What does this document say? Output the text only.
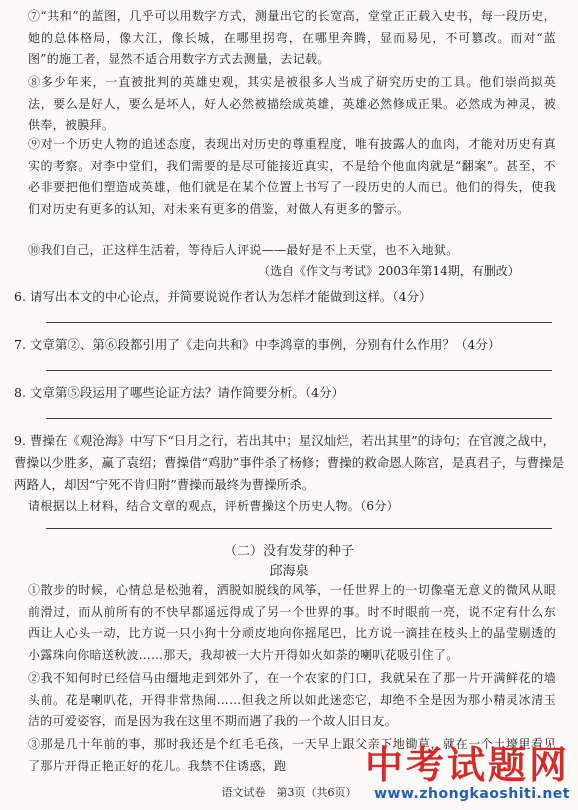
⑦“共和”的蓝图，几乎可以用数字方式，测量出它的长宽高，堂堂正正载入史书，每一段历史，她的总体格局，像大江，像长城，在哪里拐弯，在哪里奔腾，显而易见，不可篡改。而对“蓝图”的施工者，显然不适合用数字方式去测量，去记载。

⑧多少年来，一直被批判的英雄史观，其实是被很多人当成了研究历史的工具。他们崇尚拟英法，要么是好人，要么是坏人，好人必然被描绘成英雄，英雄必然修成正果。必然成为神灵，被供奉，被膜拜。

⑨对一个历史人物的追述态度，表现出对历史的尊重程度，唯有披露人的血肉，才能对历史有真实的考察。对李中堂们，我们需要的是尽可能接近真实，不是给个他血肉就是“翻案”。甚至，不必非要把他们塑造成英雄，他们就是在某个位置上书写了一段历史的人而已。他们的得失，使我们对历史有更多的认知，对未来有更多的借鉴，对做人有更多的警示。

⑩我们自己，正这样生活着，等待后人评说——最好是不上天堂，也不入地狱。

（选自《作文与考试》2003年第14期，有删改）

6. 请写出本文的中心论点，并简要说说作者认为怎样才能做到这样。（4分）

7. 文章第②、第⑥段都引用了《走向共和》中李鸿章的事例，分别有什么作用？（4分）

8. 文章第⑤段运用了哪些论证方法？请作简要分析。（4分）

9. 曹操在《观沧海》中写下“日月之行，若出其中；星汉灿烂，若出其里”的诗句；在官渡之战中，曹操以少胜多，赢了袁绍；曹操借“鸡肋”事件杀了杨修；曹操的救命恩人陈宫，是真君子，与曹操是两路人，却因“宁死不肯归附”曹操而最终为曹操所杀。

请根据以上材料，结合文章的观点，评析曹操这个历史人物。（6分）

（二）没有发芽的种子
邱海泉

①散步的时候，心情总是松弛着，洒脱如脱线的风筝，一任世界上的一切像毫无意义的微风从眼前滑过，而从前所有的不快早都遥远得成了另一个世界的事。时不时眼前一亮，说不定有什么东西让人心头一动，比方说一只小狗十分顽皮地向你摇尾巴，比方说一滴挂在枝头上的晶莹剔透的小露珠向你暗送秋波……那天，我却被一大片开得如火如荼的喇叭花吸引住了。

②我不知何时已经信马由缰地走到郊外了，在一个农家的门口，我就呆在了那一片开满鲜花的墙头前。花是喇叭花，开得非常热闹……但我之所以如此迷恋它，却绝不全是因为那小精灵冰清玉洁的可爱姿容，而是因为我在这里不期而遇了我的一个故人旧日友。

③那是几十年前的事，那时我还是个红毛毛孩，一天早上跟父亲下地锄草，就在一个土壕里看见了那片开得正艳正好的花儿。我禁不住诱惑，跑

语文试卷　第3页（共6页）
中考试题网
www.zhongkaoshiti.net
